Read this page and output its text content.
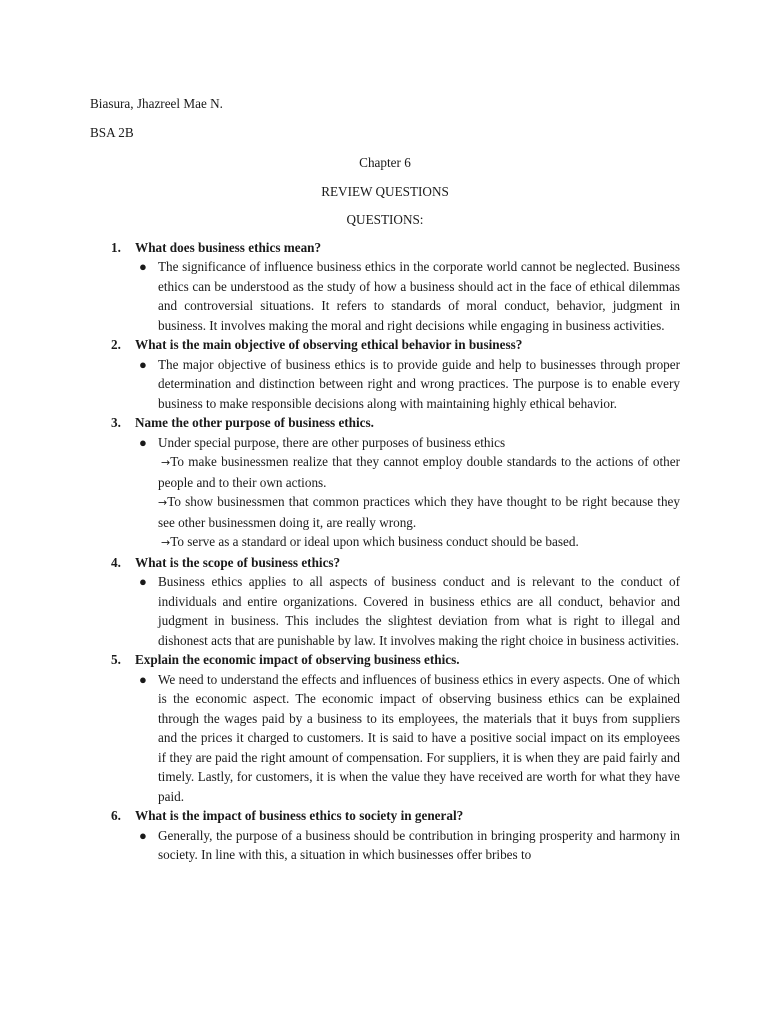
Biasura, Jhazreel Mae N.

BSA 2B

Chapter 6

REVIEW QUESTIONS

QUESTIONS:

1. What does business ethics mean?

● The significance of influence business ethics in the corporate world cannot be neglected. Business ethics can be understood as the study of how a business should act in the face of ethical dilemmas and controversial situations. It refers to standards of moral conduct, behavior, judgment in business. It involves making the moral and right decisions while engaging in business activities.

2. What is the main objective of observing ethical behavior in business?

● The major objective of business ethics is to provide guide and help to businesses through proper determination and distinction between right and wrong practices. The purpose is to enable every business to make responsible decisions along with maintaining highly ethical behavior.

3. Name the other purpose of business ethics.

● Under special purpose, there are other purposes of business ethics

→To make businessmen realize that they cannot employ double standards to the actions of other people and to their own actions.

→To show businessmen that common practices which they have thought to be right because they see other businessmen doing it, are really wrong.

→To serve as a standard or ideal upon which business conduct should be based.

4. What is the scope of business ethics?

● Business ethics applies to all aspects of business conduct and is relevant to the conduct of individuals and entire organizations. Covered in business ethics are all conduct, behavior and judgment in business. This includes the slightest deviation from what is right to illegal and dishonest acts that are punishable by law. It involves making the right choice in business activities.

5. Explain the economic impact of observing business ethics.

● We need to understand the effects and influences of business ethics in every aspects. One of which is the economic aspect. The economic impact of observing business ethics can be explained through the wages paid by a business to its employees, the materials that it buys from suppliers and the prices it charged to customers. It is said to have a positive social impact on its employees if they are paid the right amount of compensation. For suppliers, it is when they are paid fairly and timely. Lastly, for customers, it is when the value they have received are worth for what they have paid.

6. What is the impact of business ethics to society in general?

● Generally, the purpose of a business should be contribution in bringing prosperity and harmony in society. In line with this, a situation in which businesses offer bribes to
